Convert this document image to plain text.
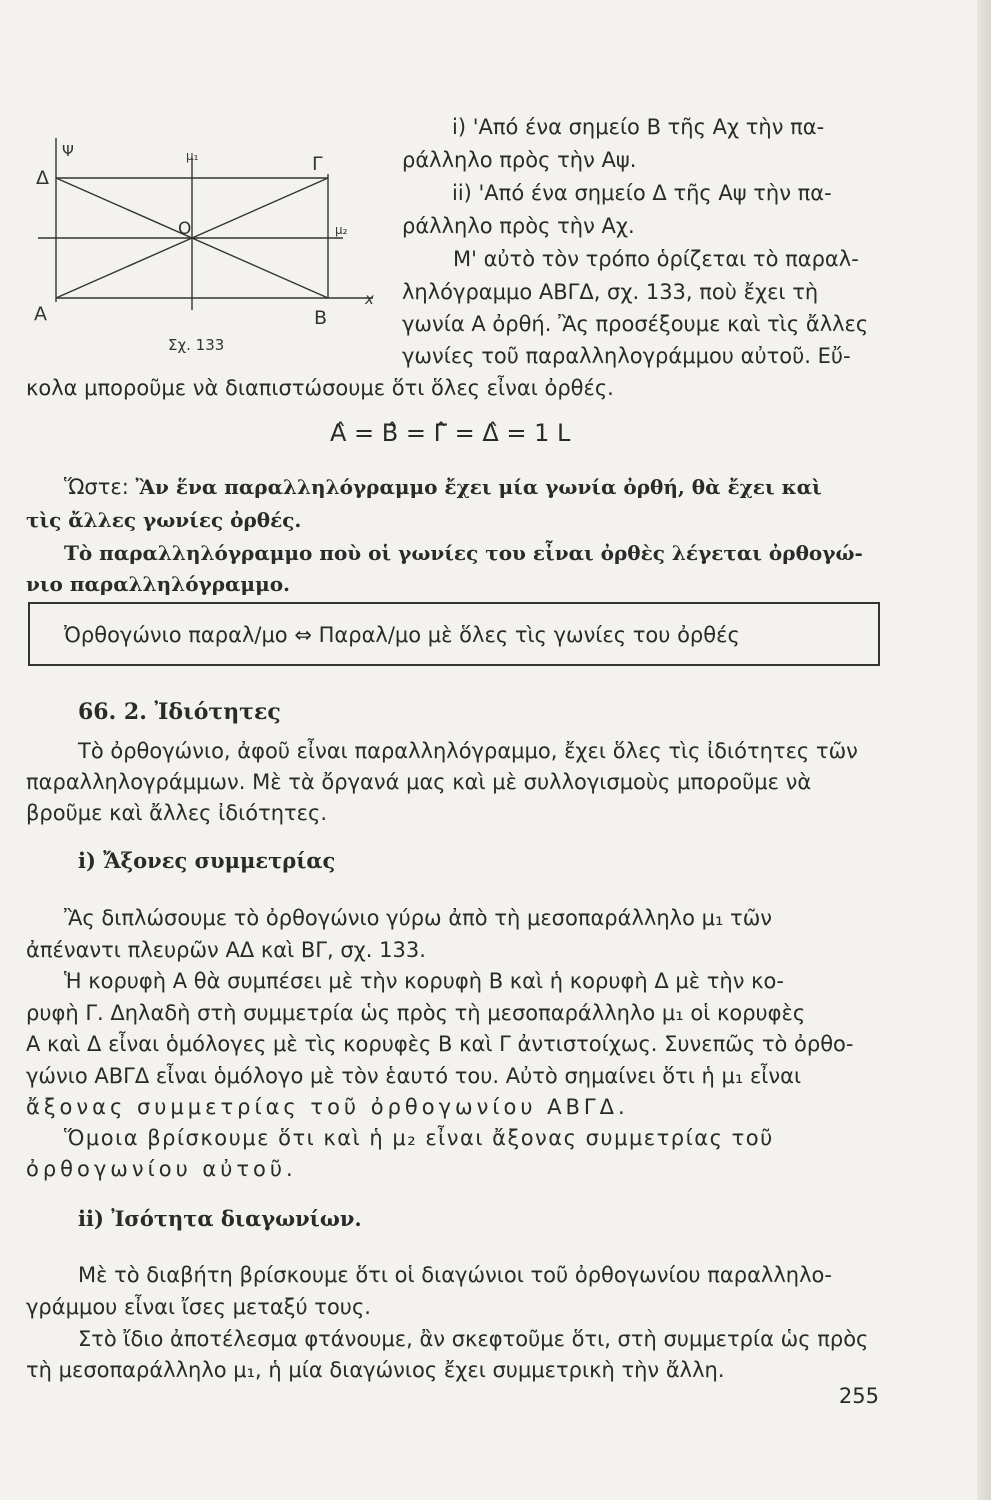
Ψ	μ₁
Δ
Γ
O	μ₂
Α	Β
x
Σχ. 133
i) 'Από ένα σημείο Β τῆς Αχ τὴν πα-
ράλληλο πρὸς τὴν Αψ.
ii) 'Από ένα σημείο Δ τῆς Αψ τὴν πα-
ράλληλο πρὸς τὴν Αχ.
Μ' αὐτὸ τὸν τρόπο ὁρίζεται τὸ παραλ-
ληλόγραμμο ΑΒΓΔ, σχ. 133, ποὺ ἔχει τὴ
γωνία Α ὀρθή. Ἂς προσέξουμε καὶ τὶς ἄλλες
γωνίες τοῦ παραλληλογράμμου αὐτοῦ. Εὔ-
κολα μποροῦμε νὰ διαπιστώσουμε ὅτι ὅλες εἶναι ὀρθές.
Α̂ = Β̂ = Γ̂ = Δ̂ = 1 L
Ὥστε: Ἂν ἕνα παραλληλόγραμμο ἔχει μία γωνία ὀρθή, θὰ ἔχει καὶ
τὶς ἄλλες γωνίες ὀρθές.
Τὸ παραλληλόγραμμο ποὺ οἱ γωνίες του εἶναι ὀρθὲς λέγεται ὀρθογώ-
νιο παραλληλόγραμμο.
Ὀρθογώνιο παραλ/μο ⇔ Παραλ/μο μὲ ὅλες τὶς γωνίες του ὀρθές
66. 2. Ἰδιότητες
Τὸ ὀρθογώνιο, ἀφοῦ εἶναι παραλληλόγραμμο, ἔχει ὅλες τὶς ἰδιότητες τῶν
παραλληλογράμμων. Μὲ τὰ ὄργανά μας καὶ μὲ συλλογισμοὺς μποροῦμε νὰ
βροῦμε καὶ ἄλλες ἰδιότητες.
i) Ἄξονες συμμετρίας
Ἂς διπλώσουμε τὸ ὀρθογώνιο γύρω ἀπὸ τὴ μεσοπαράλληλο μ₁ τῶν
ἀπέναντι πλευρῶν ΑΔ καὶ ΒΓ, σχ. 133.
Ἡ κορυφὴ Α θὰ συμπέσει μὲ τὴν κορυφὴ Β καὶ ἡ κορυφὴ Δ μὲ τὴν κο-
ρυφὴ Γ. Δηλαδὴ στὴ συμμετρία ὡς πρὸς τὴ μεσοπαράλληλο μ₁ οἱ κορυφὲς
Α καὶ Δ εἶναι ὁμόλογες μὲ τὶς κορυφὲς Β καὶ Γ ἀντιστοίχως. Συνεπῶς τὸ ὀρθο-
γώνιο ΑΒΓΔ εἶναι ὁμόλογο μὲ τὸν ἑαυτό του. Αὐτὸ σημαίνει ὅτι ἡ μ₁ εἶναι
ἄξονας συμμετρίας τοῦ ὀρθογωνίου ΑΒΓΔ.
Ὅμοια βρίσκουμε ὅτι καὶ ἡ μ₂ εἶναι ἄξονας συμμετρίας τοῦ
ὀρθογωνίου αὐτοῦ.
ii) Ἰσότητα διαγωνίων.
Μὲ τὸ διαβήτη βρίσκουμε ὅτι οἱ διαγώνιοι τοῦ ὀρθογωνίου παραλληλο-
γράμμου εἶναι ἴσες μεταξύ τους.
Στὸ ἴδιο ἀποτέλεσμα φτάνουμε, ἂν σκεφτοῦμε ὅτι, στὴ συμμετρία ὡς πρὸς
τὴ μεσοπαράλληλο μ₁, ἡ μία διαγώνιος ἔχει συμμετρικὴ τὴν ἄλλη.
255
